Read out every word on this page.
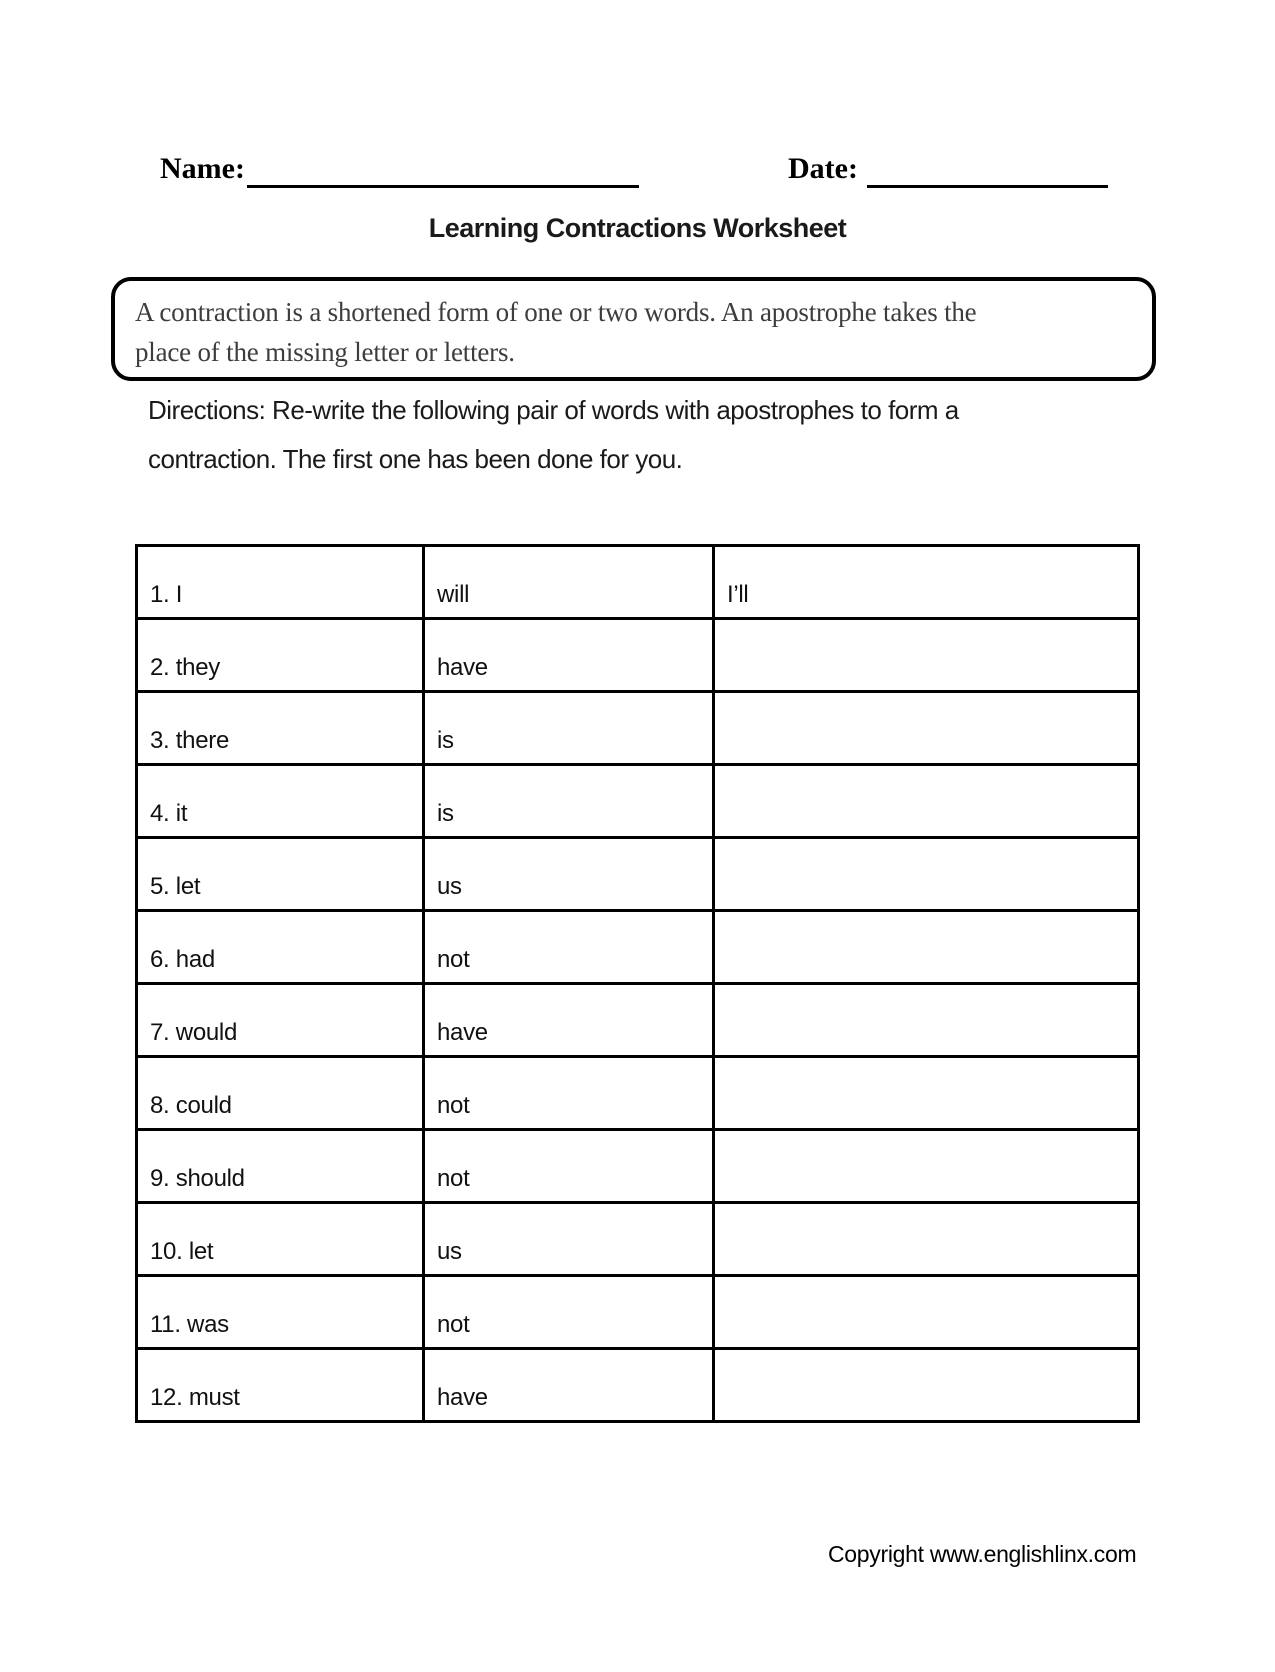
Name:	Date:
Learning Contractions Worksheet
A contraction is a shortened form of one or two words. An apostrophe takes the
place of the missing letter or letters.
Directions: Re-write the following pair of words with apostrophes to form a
contraction. The first one has been done for you.
1. I	will	I’ll
2. they	have	
3. there	is	
4. it	is	
5. let	us	
6. had	not	
7. would	have	
8. could	not	
9. should	not	
10. let	us	
11. was	not	
12. must	have	
Copyright www.englishlinx.com
